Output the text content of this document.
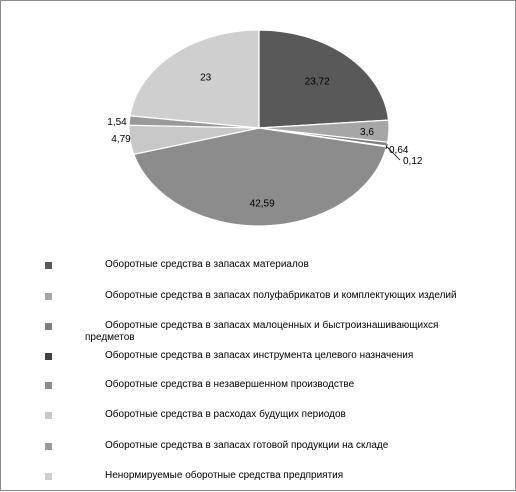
23,72
3,6
0,64
0,12
42,59
4,79
1,54
23
Оборотные средства в запасах материалов
Оборотные средства в запасах полуфабрикатов и комплектующих изделий
Оборотные средства в запасах малоценных и быстроизнашивающихся предметов
Оборотные средства в запасах инструмента целевого назначения
Оборотные средства в незавершенном производстве
Оборотные средства в расходах будущих периодов
Оборотные средства в запасах готовой продукции на складе
Ненормируемые оборотные средства предприятия
